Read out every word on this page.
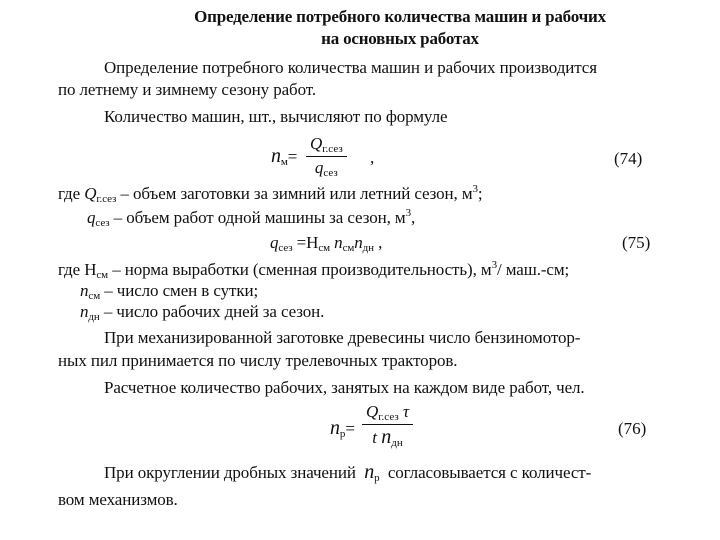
Определение потребного количества машин и рабочих
на основных работах
Определение потребного количества машин и рабочих производится
по летнему и зимнему сезону работ.
Количество машин, шт., вычисляют по формуле
$n_м=$
$Q_{г.сез}$
$q_{сез}$
,	(74)
где $Q_{г.сез}$ – объем заготовки за зимний или летний сезон, $м^3$;
$q_{сез}$ – объем работ одной машины за сезон, $м^3$,
$q_{сез} =Н_{см}$ $n_{см}n_{дн}$ ,	(75)
где $Н_{см}$ – норма выработки (сменная производительность), $м^3/$ маш.-см;
$n_{см}$ – число смен в сутки;
$n_{дн}$ – число рабочих дней за сезон.
При механизированной заготовке древесины число бензиномотор-
ных пил принимается по числу трелевочных тракторов.
Расчетное количество рабочих, занятых на каждом виде работ, чел.
$n_р=$
$Q_{г.сез}$ τ
t $n_{дн}$
(76)
При округлении дробных значений $n_р$ согласовывается с количест-
вом механизмов.
